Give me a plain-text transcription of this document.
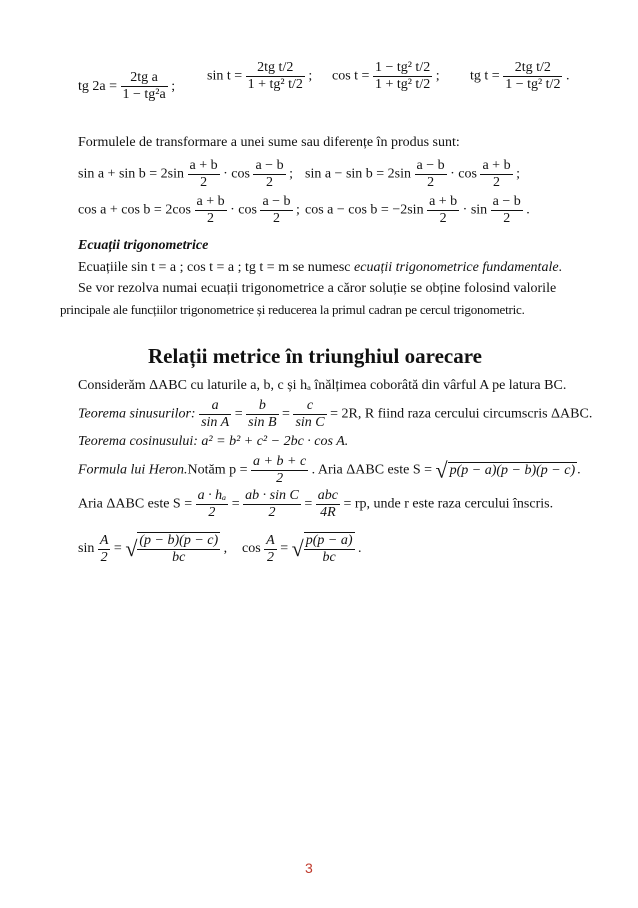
tg $2a = \frac{\text{2tg a}}{\text{1 − tg²a}}$ ;
$\sin t = \frac{\text{2tg t/2}}{\text{1 + tg² t/2}}$ ; $\cos t = \frac{\text{1 − tg² t/2}}{\text{1 + tg² t/2}}$ ; tg $t = \frac{\text{2tg t/2}}{\text{1 − tg² t/2}}$ .
Formulele de transformare a unei sume sau diferențe în produs sunt:
$\sin a + \sin b = 2\sin \frac{a + b}{2} \cdot \cos \frac{a - b}{2}$ ; $\sin a - \sin b = 2\sin \frac{a - b}{2} \cdot \cos \frac{a + b}{2}$ ;
$\cos a + \cos b = 2\cos \frac{a + b}{2} \cdot \cos \frac{a - b}{2}$ ; $\cos a - \cos b = -2\sin \frac{a + b}{2} \cdot \sin \frac{a - b}{2}$ .
Ecuații trigonometrice
Ecuațiile sin t = a ; cos t = a ; tg t = m se numesc ecuații trigonometrice fundamentale.
Se vor rezolva numai ecuații trigonometrice a căror soluție se obține folosind valorile
principale ale funcțiilor trigonometrice și reducerea la primul cadran pe cercul trigonometric.
Relații metrice în triunghiul oarecare
Considerăm ΔABC cu laturile a, b, c și hₐ înălțimea coborâtă din vârful A pe latura BC.
Teorema sinusurilor: $\frac{a}{\text{sin A}} = \frac{b}{\text{sin B}} = \frac{c}{\text{sin C}} = 2R$, R fiind raza cercului circumscris ΔABC.
Teorema cosinusului: a² = b² + c² − 2bc · cos A.
Formula lui Heron.Notăm $p = \frac{a + b + c}{2}$ . Aria ΔABC este S = √ p(p − a)(p − b)(p − c) .
Aria ΔABC este $S = \frac{\text{a · hₐ}}{2} = \frac{\text{ab · sin C}}{2} = \frac{\text{abc}}{4R}$ = rp, unde r este raza cercului înscris.
$\sin \frac{A}{2}$ = √ $\frac{(p - b)(p - c)}{bc}$ , $\cos \frac{A}{2}$ = √ $\frac{p(p - a)}{bc}$ .
3
